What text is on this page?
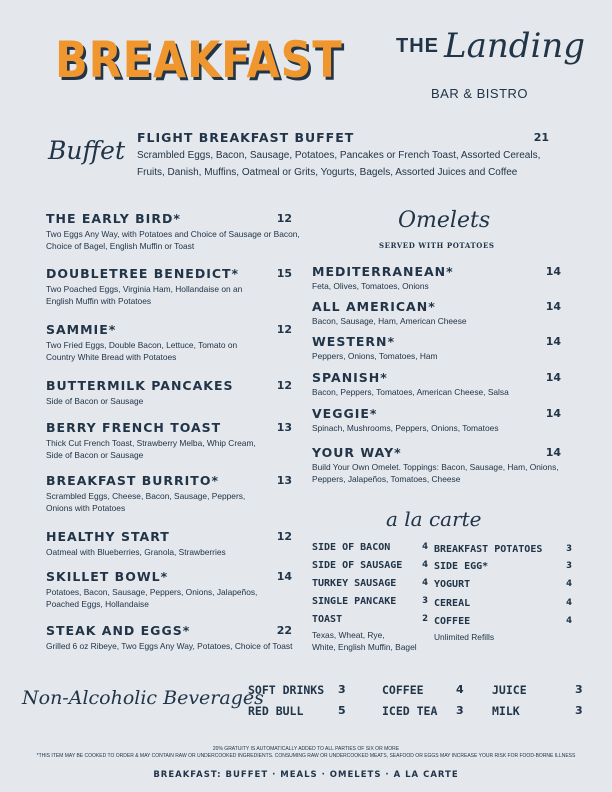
BREAKFAST	THE Landing
BAR & BISTRO
Buffet FLIGHT BREAKFAST BUFFET	21
Scrambled Eggs, Bacon, Sausage, Potatoes, Pancakes or French Toast, Assorted Cereals,
Fruits, Danish, Muffins, Oatmeal or Grits, Yogurts, Bagels, Assorted Juices and Coffee
THE EARLY BIRD*	12
Two Eggs Any Way, with Potatoes and Choice of Sausage or Bacon,
Choice of Bagel, English Muffin or Toast
DOUBLETREE BENEDICT*	15
Two Poached Eggs, Virginia Ham, Hollandaise on an
English Muffin with Potatoes
SAMMIE*	12
Two Fried Eggs, Double Bacon, Lettuce, Tomato on
Country White Bread with Potatoes
BUTTERMILK PANCAKES	12
Side of Bacon or Sausage
BERRY FRENCH TOAST	13
Thick Cut French Toast, Strawberry Melba, Whip Cream,
Side of Bacon or Sausage
BREAKFAST BURRITO*	13
Scrambled Eggs, Cheese, Bacon, Sausage, Peppers,
Onions with Potatoes
HEALTHY START	12
Oatmeal with Blueberries, Granola, Strawberries
SKILLET BOWL*	14
Potatoes, Bacon, Sausage, Peppers, Onions, Jalapeños,
Poached Eggs, Hollandaise
STEAK AND EGGS*	22
Grilled 6 oz Ribeye, Two Eggs Any Way, Potatoes, Choice of Toast
Omelets
SERVED WITH POTATOES
MEDITERRANEAN*	14
Feta, Olives, Tomatoes, Onions
ALL AMERICAN*	14
Bacon, Sausage, Ham, American Cheese
WESTERN*	14
Peppers, Onions, Tomatoes, Ham
SPANISH*	14
Bacon, Peppers, Tomatoes, American Cheese, Salsa
VEGGIE*	14
Spinach, Mushrooms, Peppers, Onions, Tomatoes
YOUR WAY*	14
Build Your Own Omelet. Toppings: Bacon, Sausage, Ham, Onions,
Peppers, Jalapeños, Tomatoes, Cheese
a la carte
SIDE OF BACON	4
SIDE OF SAUSAGE	4
TURKEY SAUSAGE	4
SINGLE PANCAKE	3
TOAST	2
Texas, Wheat, Rye,
White, English Muffin, Bagel
BREAKFAST POTATOES	3
SIDE EGG*	3
YOGURT	4
CEREAL	4
COFFEE	4
Unlimited Refills
Non-Alcoholic Beverages
SOFT DRINKS 3	COFFEE	4 JUICE	3
RED BULL	5	ICED TEA 3 MILK	3
20% GRATUITY IS AUTOMATICALLY ADDED TO ALL PARTIES OF SIX OR MORE
*THIS ITEM MAY BE COOKED TO ORDER & MAY CONTAIN RAW OR UNDERCOOKED INGREDIENTS. CONSUMING RAW OR UNDERCOOKED MEATS, SEAFOOD OR EGGS MAY INCREASE YOUR RISK FOR FOOD-BORNE ILLNESS
BREAKFAST: BUFFET · MEALS · OMELETS · A LA CARTE
